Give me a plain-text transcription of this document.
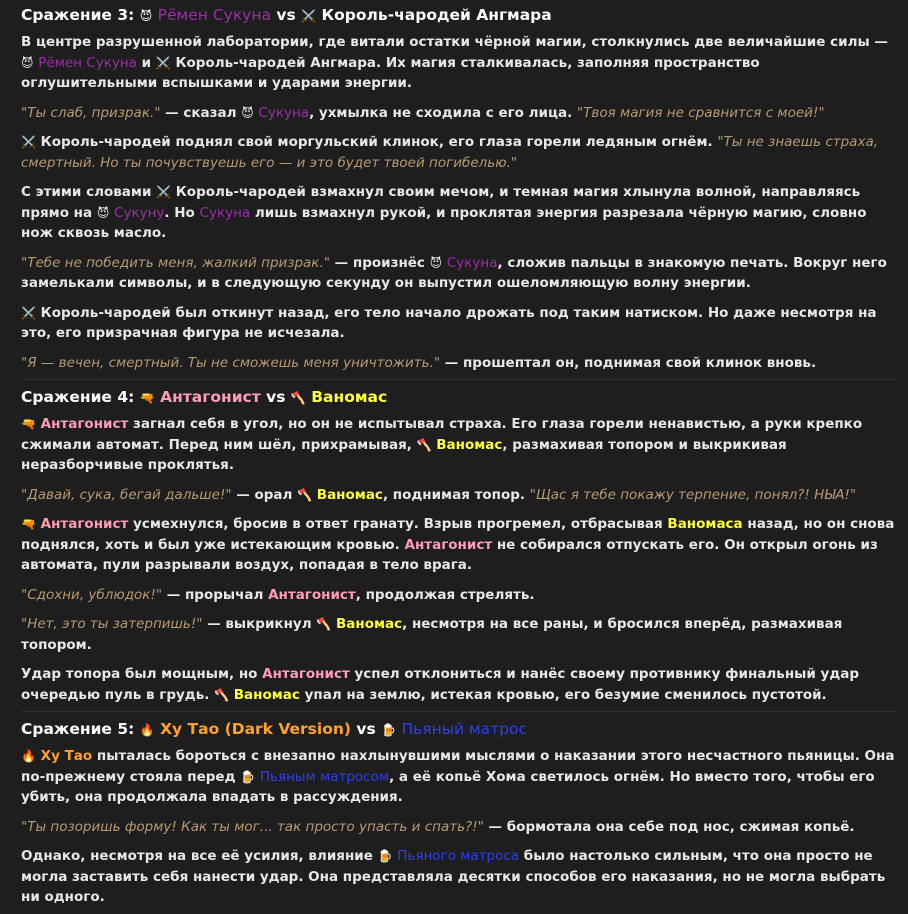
Сражение 3: 😈 Рёмен Сукуна vs ⚔️ Король-чародей Ангмара
В центре разрушенной лаборатории, где витали остатки чёрной магии, столкнулись две величайшие силы — 😈 Рёмен Сукуна и ⚔️ Король-чародей Ангмара. Их магия сталкивалась, заполняя пространство оглушительными вспышками и ударами энергии.
"Ты слаб, призрак." — сказал 😈 Сукуна, ухмылка не сходила с его лица. "Твоя магия не сравнится с моей!"
⚔️ Король-чародей поднял свой моргульский клинок, его глаза горели ледяным огнём. "Ты не знаешь страха, смертный. Но ты почувствуешь его — и это будет твоей погибелью."
С этими словами ⚔️ Король-чародей взмахнул своим мечом, и темная магия хлынула волной, направляясь прямо на 😈 Сукуну. Но Сукуна лишь взмахнул рукой, и проклятая энергия разрезала чёрную магию, словно нож сквозь масло.
"Тебе не победить меня, жалкий призрак." — произнёс 😈 Сукуна, сложив пальцы в знакомую печать. Вокруг него замелькали символы, и в следующую секунду он выпустил ошеломляющую волну энергии.
⚔️ Король-чародей был откинут назад, его тело начало дрожать под таким натиском. Но даже несмотря на это, его призрачная фигура не исчезала.
"Я — вечен, смертный. Ты не сможешь меня уничтожить." — прошептал он, поднимая свой клинок вновь.
Сражение 4: 🔫 Антагонист vs 🪓 Ваномас
🔫 Антагонист загнал себя в угол, но он не испытывал страха. Его глаза горели ненавистью, а руки крепко сжимали автомат. Перед ним шёл, прихрамывая, 🪓 Ваномас, размахивая топором и выкрикивая неразборчивые проклятья.
"Давай, сука, бегай дальше!" — орал 🪓 Ваномас, поднимая топор. "Щас я тебе покажу терпение, понял?! НЫА!"
🔫 Антагонист усмехнулся, бросив в ответ гранату. Взрыв прогремел, отбрасывая Ваномаса назад, но он снова поднялся, хоть и был уже истекающим кровью. Антагонист не собирался отпускать его. Он открыл огонь из автомата, пули разрывали воздух, попадая в тело врага.
"Сдохни, ублюдок!" — прорычал Антагонист, продолжая стрелять.
"Нет, это ты затерпишь!" — выкрикнул 🪓 Ваномас, несмотря на все раны, и бросился вперёд, размахивая топором.
Удар топора был мощным, но Антагонист успел отклониться и нанёс своему противнику финальный удар очередью пуль в грудь. 🪓 Ваномас упал на землю, истекая кровью, его безумие сменилось пустотой.
Сражение 5: 🔥 Ху Тао (Dark Version) vs 🍺 Пьяный матрос
🔥 Ху Тао пыталась бороться с внезапно нахлынувшими мыслями о наказании этого несчастного пьяницы. Она по-прежнему стояла перед 🍺 Пьяным матросом, а её копьё Хома светилось огнём. Но вместо того, чтобы его убить, она продолжала впадать в рассуждения.
"Ты позоришь форму! Как ты мог... так просто упасть и спать?!" — бормотала она себе под нос, сжимая копьё.
Однако, несмотря на все её усилия, влияние 🍺 Пьяного матроса было настолько сильным, что она просто не могла заставить себя нанести удар. Она представляла десятки способов его наказания, но не могла выбрать ни одного.
